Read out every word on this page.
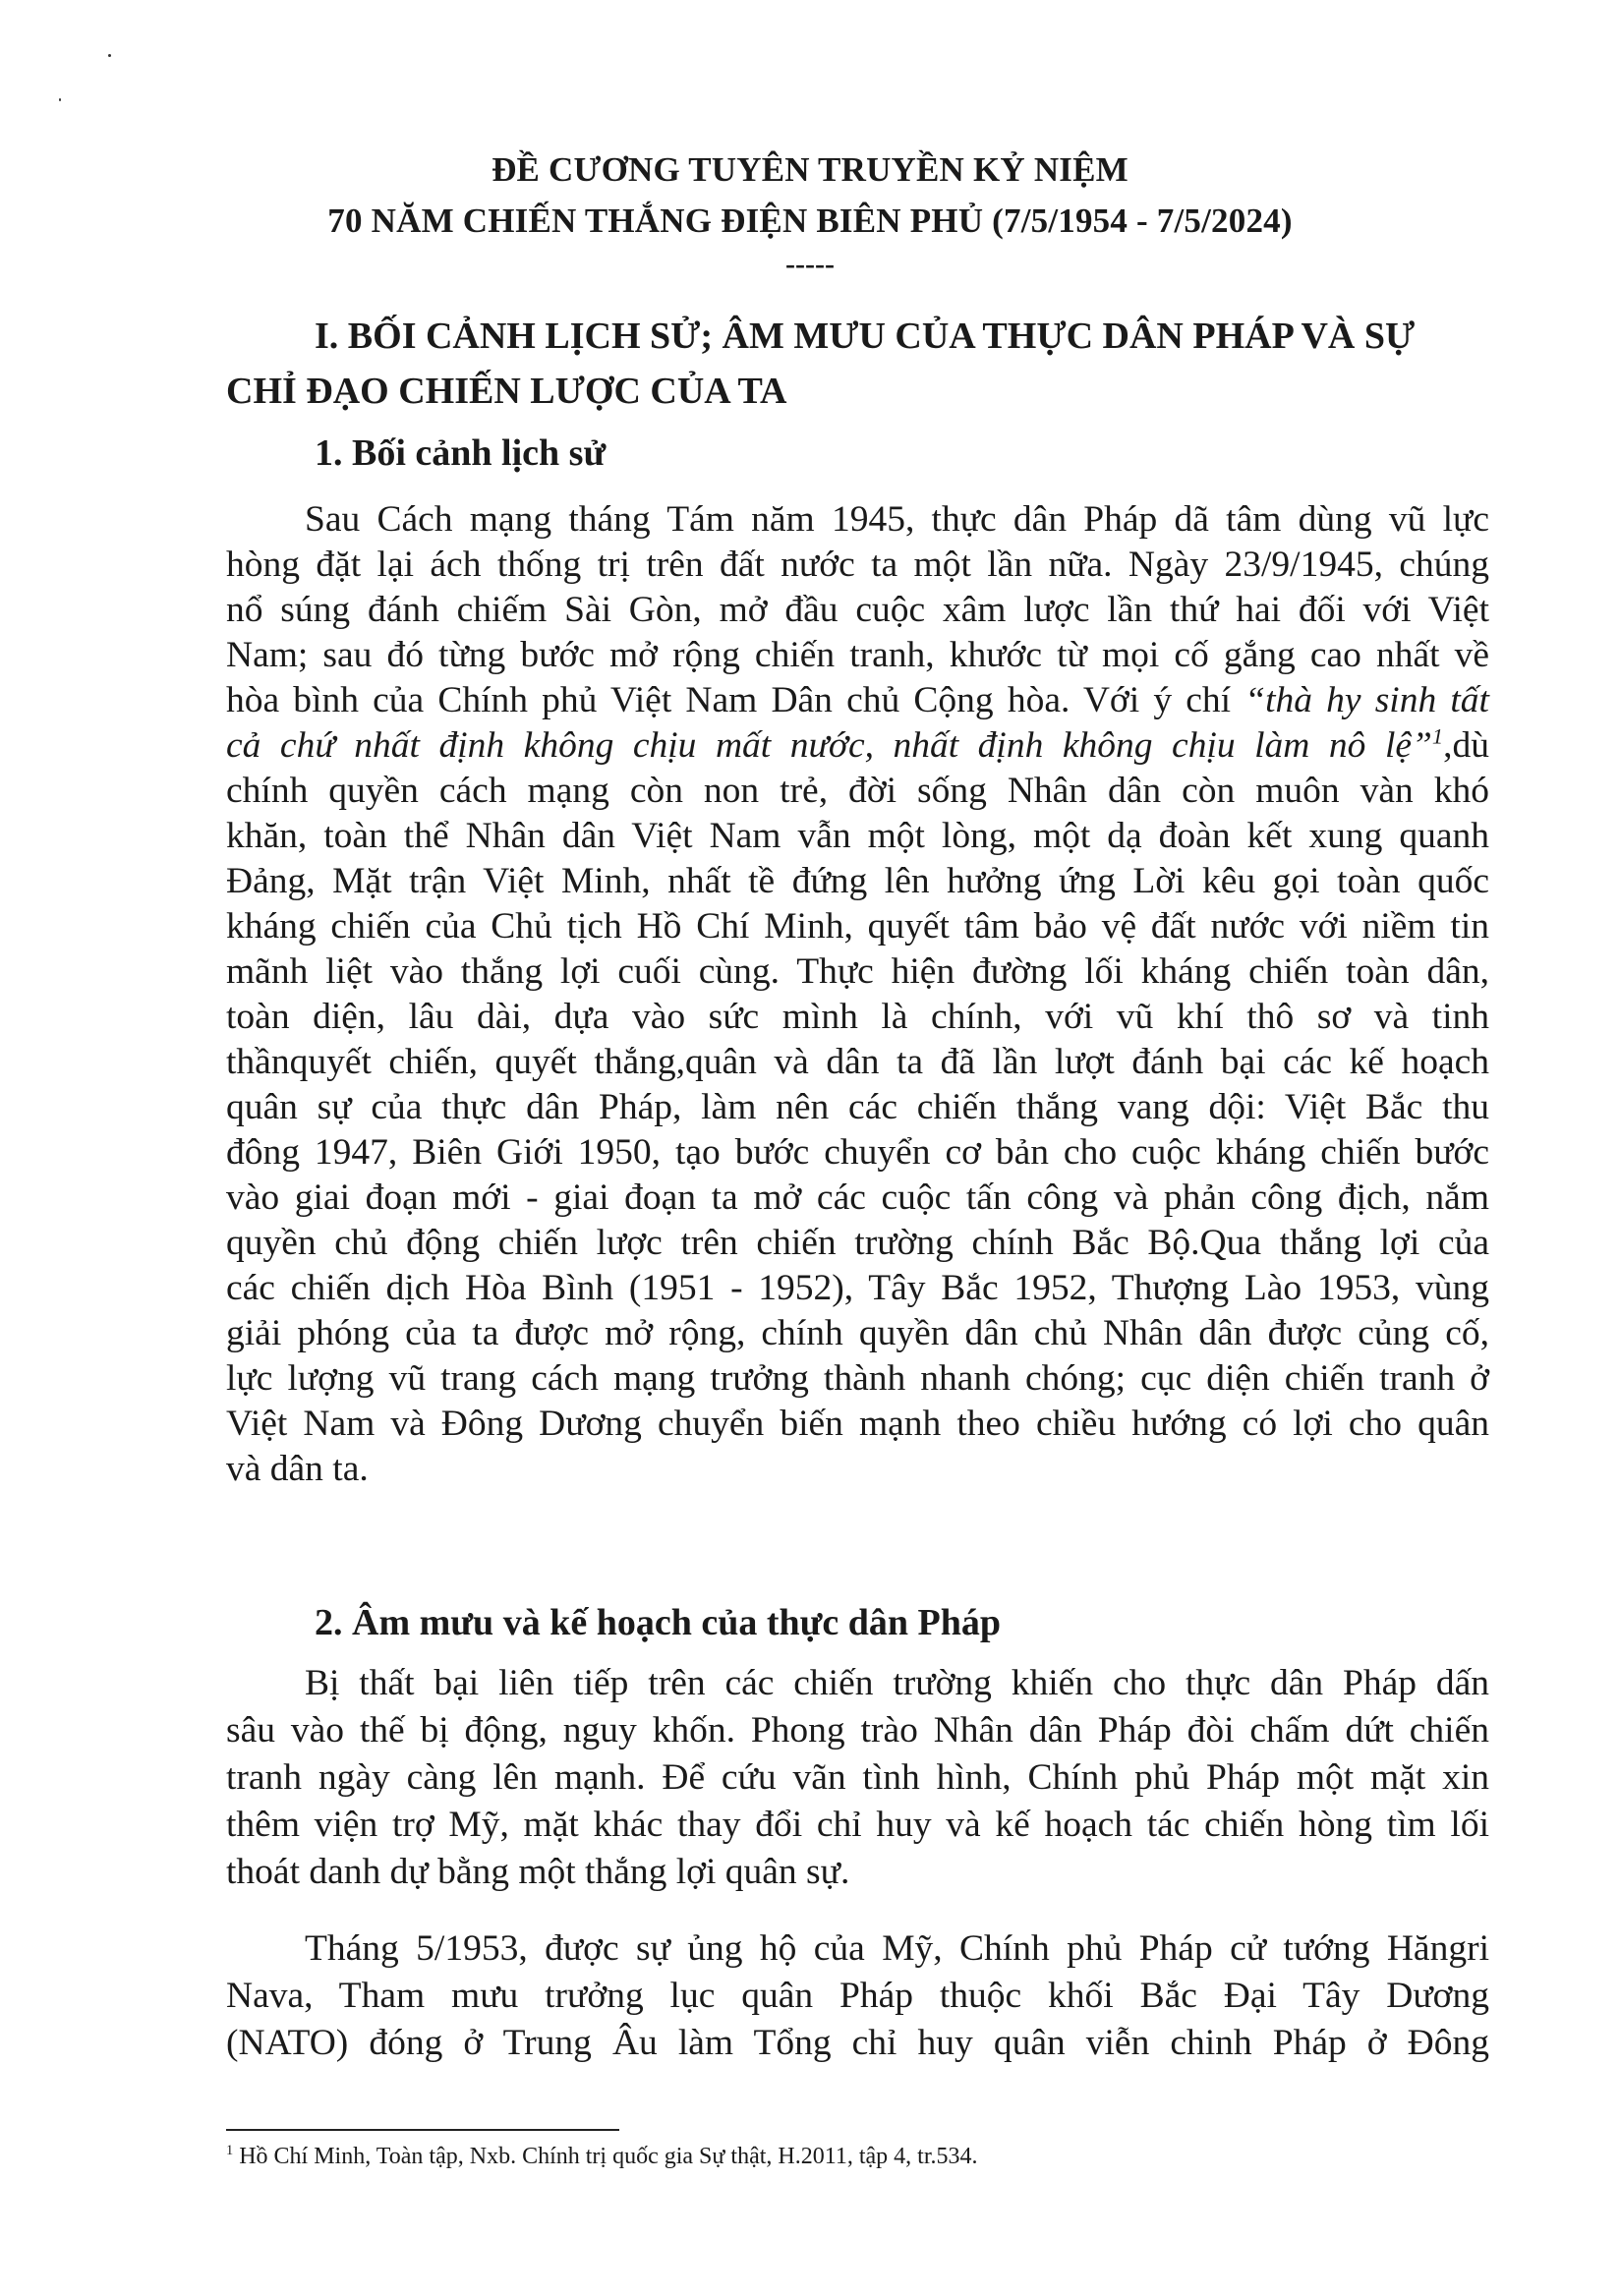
ĐỀ CƯƠNG TUYÊN TRUYỀN KỶ NIỆM
70 NĂM CHIẾN THẮNG ĐIỆN BIÊN PHỦ (7/5/1954 - 7/5/2024)
-----
I. BỐI CẢNH LỊCH SỬ; ÂM MƯU CỦA THỰC DÂN PHÁP VÀ SỰ
CHỈ ĐẠO CHIẾN LƯỢC CỦA TA
1. Bối cảnh lịch sử
Sau Cách mạng tháng Tám năm 1945, thực dân Pháp dã tâm dùng vũ lực
hòng đặt lại ách thống trị trên đất nước ta một lần nữa. Ngày 23/9/1945, chúng
nổ súng đánh chiếm Sài Gòn, mở đầu cuộc xâm lược lần thứ hai đối với Việt
Nam; sau đó từng bước mở rộng chiến tranh, khước từ mọi cố gắng cao nhất về
hòa bình của Chính phủ Việt Nam Dân chủ Cộng hòa. Với ý chí “thà hy sinh tất
cả chứ nhất định không chịu mất nước, nhất định không chịu làm nô lệ”$^1$,dù
chính quyền cách mạng còn non trẻ, đời sống Nhân dân còn muôn vàn khó
khăn, toàn thể Nhân dân Việt Nam vẫn một lòng, một dạ đoàn kết xung quanh
Đảng, Mặt trận Việt Minh, nhất tề đứng lên hưởng ứng Lời kêu gọi toàn quốc
kháng chiến của Chủ tịch Hồ Chí Minh, quyết tâm bảo vệ đất nước với niềm tin
mãnh liệt vào thắng lợi cuối cùng. Thực hiện đường lối kháng chiến toàn dân,
toàn diện, lâu dài, dựa vào sức mình là chính, với vũ khí thô sơ và tinh
thầnquyết chiến, quyết thắng,quân và dân ta đã lần lượt đánh bại các kế hoạch
quân sự của thực dân Pháp, làm nên các chiến thắng vang dội: Việt Bắc thu
đông 1947, Biên Giới 1950, tạo bước chuyển cơ bản cho cuộc kháng chiến bước
vào giai đoạn mới - giai đoạn ta mở các cuộc tấn công và phản công địch, nắm
quyền chủ động chiến lược trên chiến trường chính Bắc Bộ.Qua thắng lợi của
các chiến dịch Hòa Bình (1951 - 1952), Tây Bắc 1952, Thượng Lào 1953, vùng
giải phóng của ta được mở rộng, chính quyền dân chủ Nhân dân được củng cố,
lực lượng vũ trang cách mạng trưởng thành nhanh chóng; cục diện chiến tranh ở
Việt Nam và Đông Dương chuyển biến mạnh theo chiều hướng có lợi cho quân
và dân ta.
2. Âm mưu và kế hoạch của thực dân Pháp
Bị thất bại liên tiếp trên các chiến trường khiến cho thực dân Pháp dấn
sâu vào thế bị động, nguy khốn. Phong trào Nhân dân Pháp đòi chấm dứt chiến
tranh ngày càng lên mạnh. Để cứu vãn tình hình, Chính phủ Pháp một mặt xin
thêm viện trợ Mỹ, mặt khác thay đổi chỉ huy và kế hoạch tác chiến hòng tìm lối
thoát danh dự bằng một thắng lợi quân sự.
Tháng 5/1953, được sự ủng hộ của Mỹ, Chính phủ Pháp cử tướng Hăngri
Nava, Tham mưu trưởng lục quân Pháp thuộc khối Bắc Đại Tây Dương
(NATO) đóng ở Trung Âu làm Tổng chỉ huy quân viễn chinh Pháp ở Đông
$^1$ Hồ Chí Minh, Toàn tập, Nxb. Chính trị quốc gia Sự thật, H.2011, tập 4, tr.534.
